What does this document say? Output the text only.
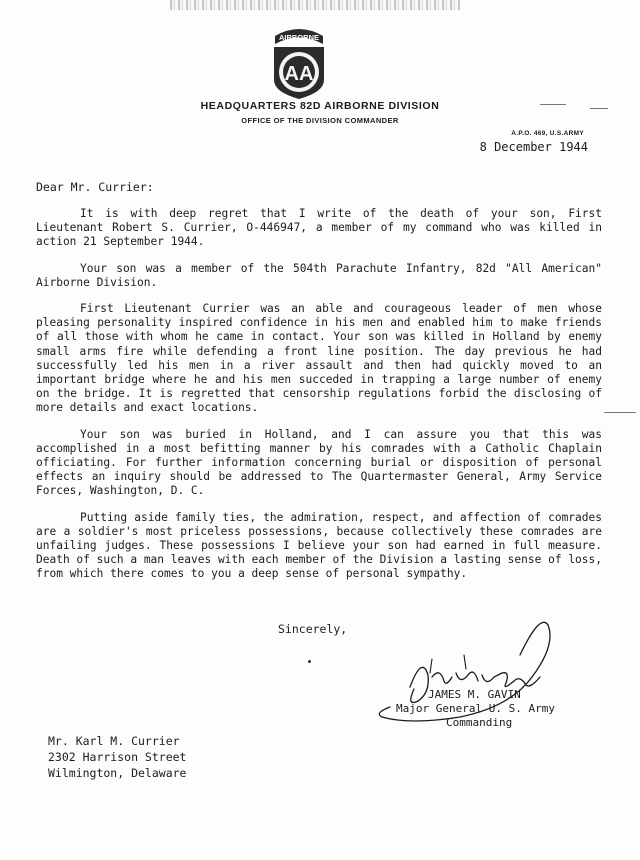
AIRBORNE
AA
HEADQUARTERS 82D AIRBORNE DIVISION
OFFICE OF THE DIVISION COMMANDER
A.P.O. 469, U.S.ARMY
8 December 1944
Dear Mr. Currier:

It is with deep regret that I write of the death of your son, First Lieutenant Robert S. Currier, O-446947, a member of my command who was killed in action 21 September 1944.

Your son was a member of the 504th Parachute Infantry, 82d "All American" Airborne Division.

First Lieutenant Currier was an able and courageous leader of men whose pleasing personality inspired confidence in his men and enabled him to make friends of all those with whom he came in contact. Your son was killed in Holland by enemy small arms fire while defending a front line position. The day previous he had successfully led his men in a river assault and then had quickly moved to an important bridge where he and his men succeded in trapping a large number of enemy on the bridge. It is regretted that censorship regulations forbid the disclosing of more details and exact locations.

Your son was buried in Holland, and I can assure you that this was accomplished in a most befitting manner by his comrades with a Catholic Chaplain officiating. For further information concerning burial or disposition of personal effects an inquiry should be addressed to The Quartermaster General, Army Service Forces, Washington, D. C.

Putting aside family ties, the admiration, respect, and affection of comrades are a soldier's most priceless possessions, because collectively these comrades are unfailing judges. These possessions I believe your son had earned in full measure. Death of such a man leaves with each member of the Division a lasting sense of loss, from which there comes to you a deep sense of personal sympathy.

Sincerely,
JAMES M. GAVIN
Major General U. S. Army
Commanding
Mr. Karl M. Currier
2302 Harrison Street
Wilmington, Delaware
